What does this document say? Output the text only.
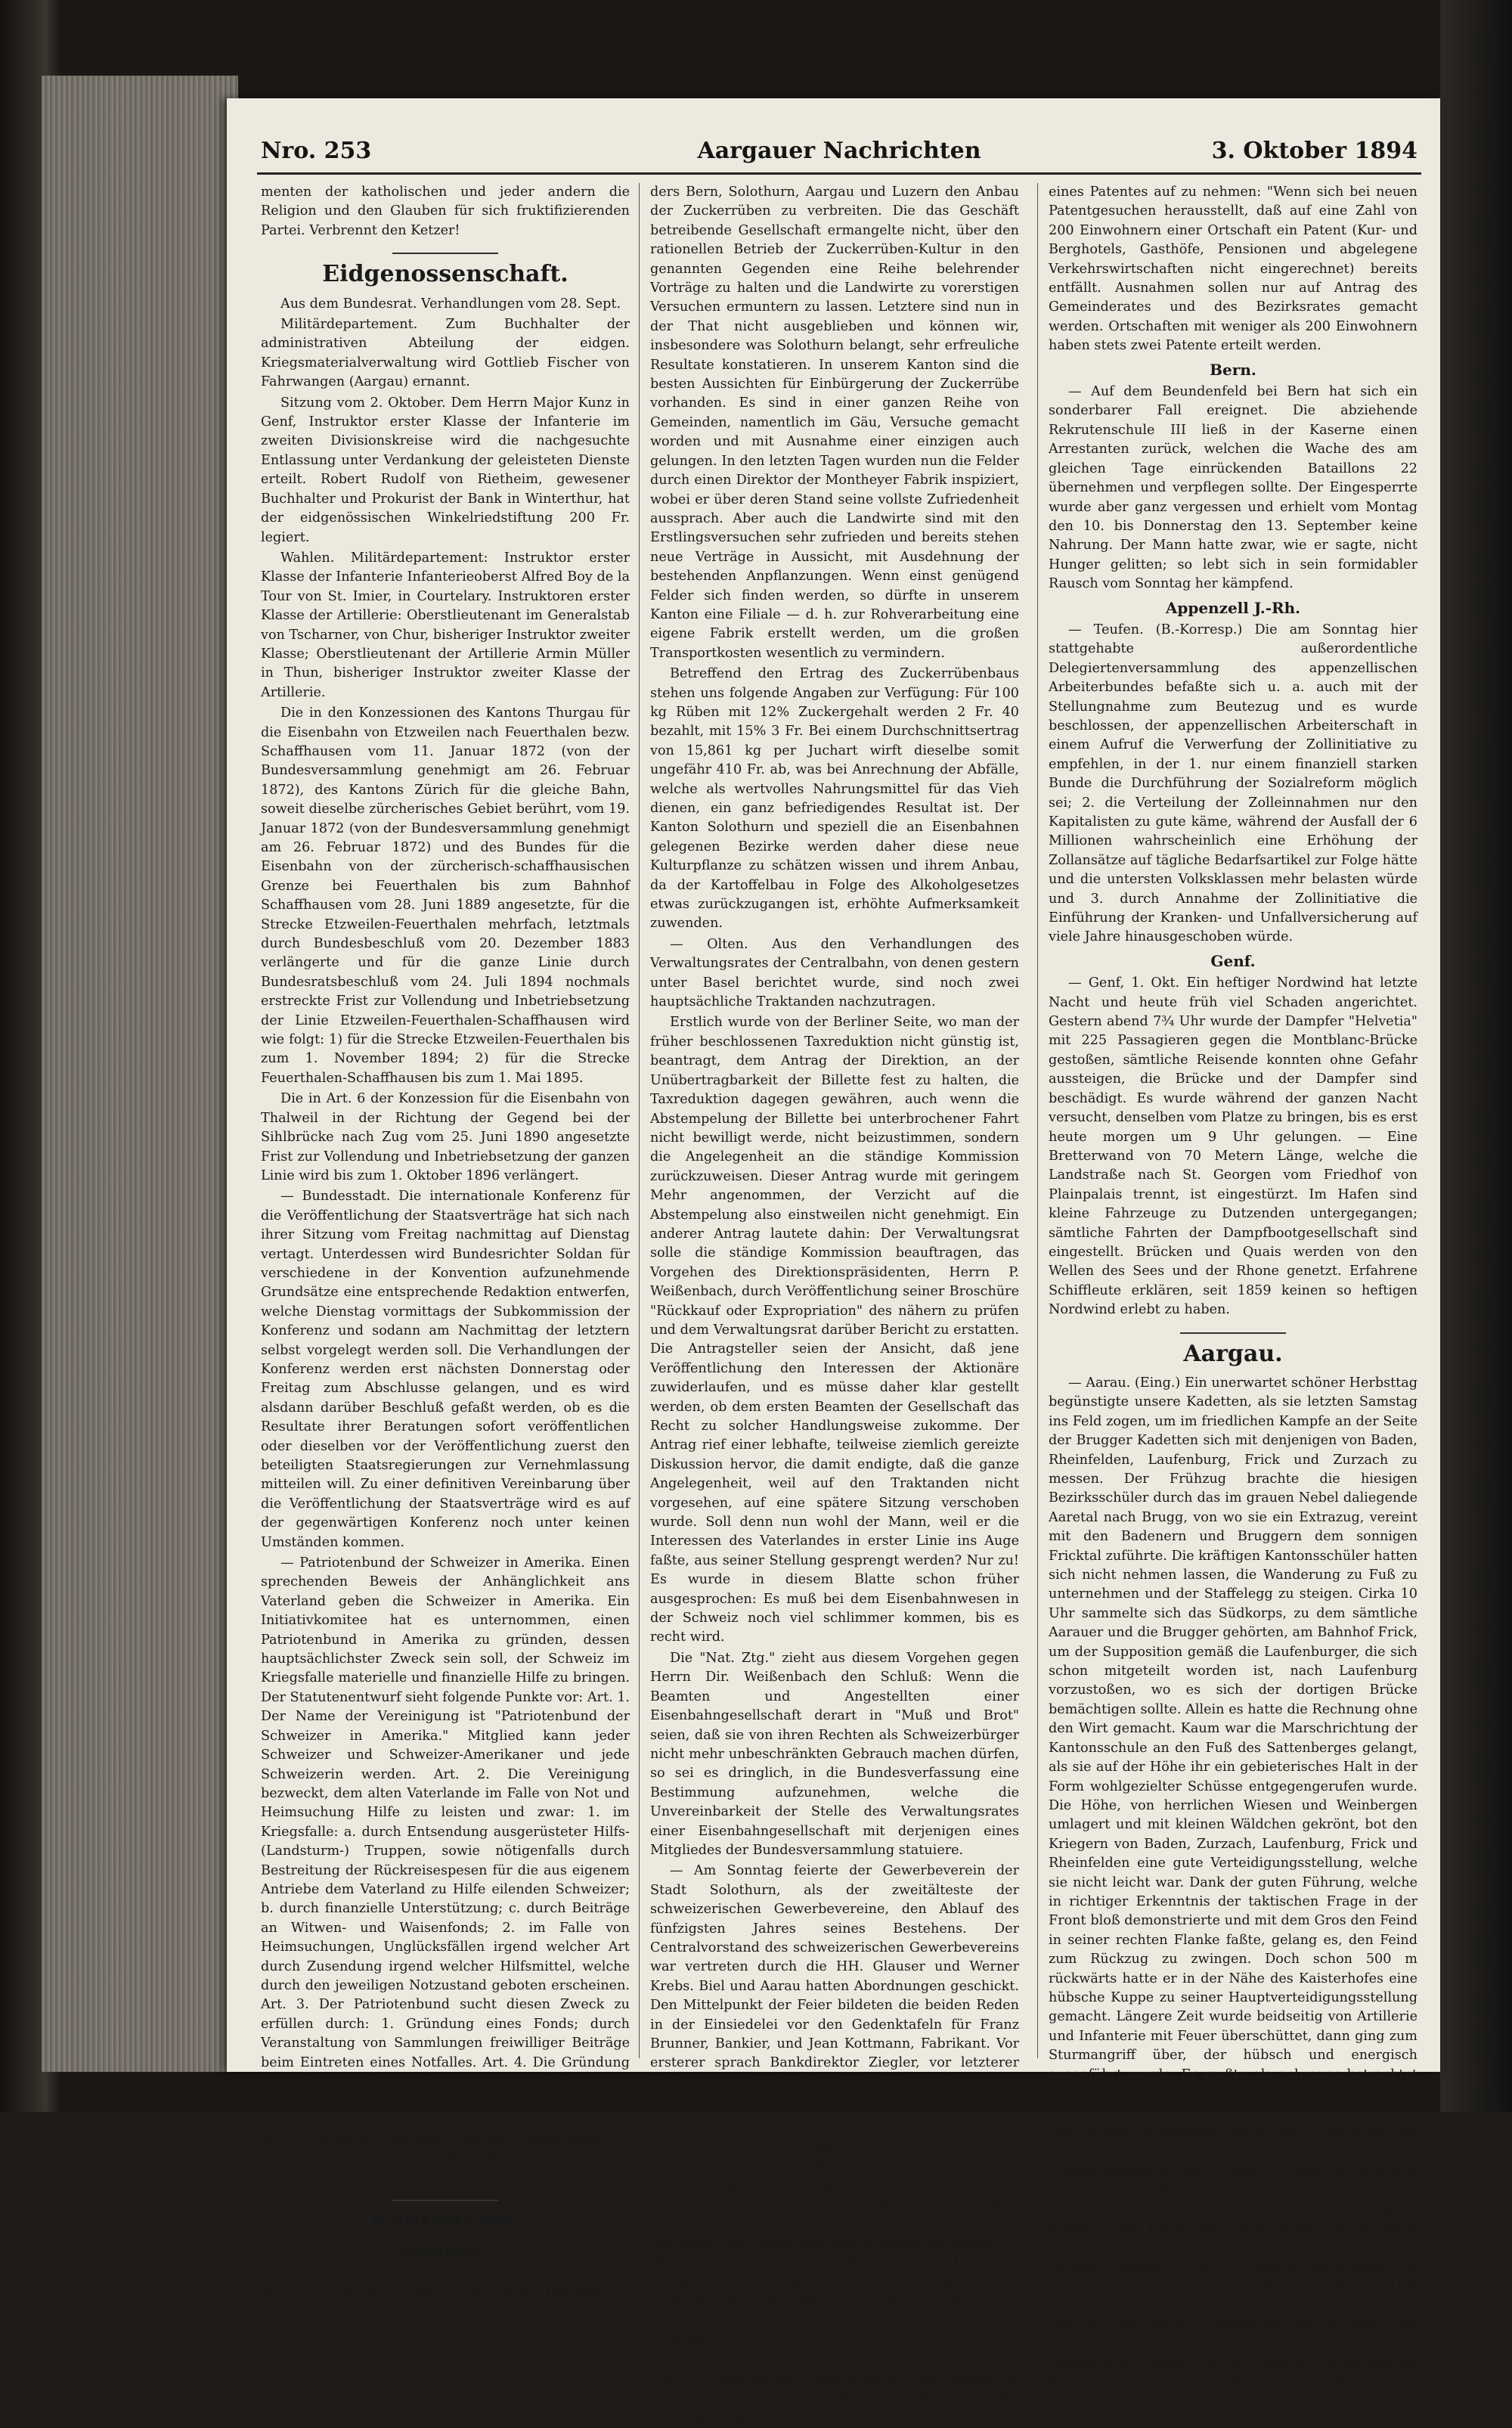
Nro. 253	Aargauer Nachrichten	3. Oktober 1894

menten der katholischen und jeder andern die Religion und den Glauben für sich fruktifizierenden Partei. Verbrennt den Ketzer!

Eidgenossenschaft.

Aus dem Bundesrat. Verhandlungen vom 28. Sept.

Militärdepartement. Zum Buchhalter der administrativen Abteilung der eidgen. Kriegsmaterialverwaltung wird Gottlieb Fischer von Fahrwangen (Aargau) ernannt.

Sitzung vom 2. Oktober. Dem Herrn Major Kunz in Genf, Instruktor erster Klasse der Infanterie im zweiten Divisionskreise wird die nachgesuchte Entlassung unter Verdankung der geleisteten Dienste erteilt. Robert Rudolf von Rietheim, gewesener Buchhalter und Prokurist der Bank in Winterthur, hat der eidgenössischen Winkelriedstiftung 200 Fr. legiert.

Wahlen. Militärdepartement: Instruktor erster Klasse der Infanterie Infanterieoberst Alfred Boy de la Tour von St. Imier, in Courtelary. Instruktoren erster Klasse der Artillerie: Oberstlieutenant im Generalstab von Tscharner, von Chur, bisheriger Instruktor zweiter Klasse; Oberstlieutenant der Artillerie Armin Müller in Thun, bisheriger Instruktor zweiter Klasse der Artillerie.

Die in den Konzessionen des Kantons Thurgau für die Eisenbahn von Etzweilen nach Feuerthalen bezw. Schaffhausen vom 11. Januar 1872 (von der Bundesversammlung genehmigt am 26. Februar 1872), des Kantons Zürich für die gleiche Bahn, soweit dieselbe zürcherisches Gebiet berührt, vom 19. Januar 1872 (von der Bundesversammlung genehmigt am 26. Februar 1872) und des Bundes für die Eisenbahn von der zürcherisch-schaffhausischen Grenze bei Feuerthalen bis zum Bahnhof Schaffhausen vom 28. Juni 1889 angesetzte, für die Strecke Etzweilen-Feuerthalen mehrfach, letztmals durch Bundesbeschluß vom 20. Dezember 1883 verlängerte und für die ganze Linie durch Bundesratsbeschluß vom 24. Juli 1894 nochmals erstreckte Frist zur Vollendung und Inbetriebsetzung der Linie Etzweilen-Feuerthalen-Schaffhausen wird wie folgt: 1) für die Strecke Etzweilen-Feuerthalen bis zum 1. November 1894; 2) für die Strecke Feuerthalen-Schaffhausen bis zum 1. Mai 1895.

Die in Art. 6 der Konzession für die Eisenbahn von Thalweil in der Richtung der Gegend bei der Sihlbrücke nach Zug vom 25. Juni 1890 angesetzte Frist zur Vollendung und Inbetriebsetzung der ganzen Linie wird bis zum 1. Oktober 1896 verlängert.

— Bundesstadt. Die internationale Konferenz für die Veröffentlichung der Staatsverträge hat sich nach ihrer Sitzung vom Freitag nachmittag auf Dienstag vertagt. Unterdessen wird Bundesrichter Soldan für verschiedene in der Konvention aufzunehmende Grundsätze eine entsprechende Redaktion entwerfen, welche Dienstag vormittags der Subkommission der Konferenz und sodann am Nachmittag der letztern selbst vorgelegt werden soll. Die Verhandlungen der Konferenz werden erst nächsten Donnerstag oder Freitag zum Abschlusse gelangen, und es wird alsdann darüber Beschluß gefaßt werden, ob es die Resultate ihrer Beratungen sofort veröffentlichen oder dieselben vor der Veröffentlichung zuerst den beteiligten Staatsregierungen zur Vernehmlassung mitteilen will. Zu einer definitiven Vereinbarung über die Veröffentlichung der Staatsverträge wird es auf der gegenwärtigen Konferenz noch unter keinen Umständen kommen.

— Patriotenbund der Schweizer in Amerika. Einen sprechenden Beweis der Anhänglichkeit ans Vaterland geben die Schweizer in Amerika. Ein Initiativkomitee hat es unternommen, einen Patriotenbund in Amerika zu gründen, dessen hauptsächlichster Zweck sein soll, der Schweiz im Kriegsfalle materielle und finanzielle Hilfe zu bringen. Der Statutenentwurf sieht folgende Punkte vor: Art. 1. Der Name der Vereinigung ist "Patriotenbund der Schweizer in Amerika." Mitglied kann jeder Schweizer und Schweizer-Amerikaner und jede Schweizerin werden. Art. 2. Die Vereinigung bezweckt, dem alten Vaterlande im Falle von Not und Heimsuchung Hilfe zu leisten und zwar: 1. im Kriegsfalle: a. durch Entsendung ausgerüsteter Hilfs- (Landsturm-) Truppen, sowie nötigenfalls durch Bestreitung der Rückreisespesen für die aus eigenem Antriebe dem Vaterland zu Hilfe eilenden Schweizer; b. durch finanzielle Unterstützung; c. durch Beiträge an Witwen- und Waisenfonds; 2. im Falle von Heimsuchungen, Unglücksfällen irgend welcher Art durch Zusendung irgend welcher Hilfsmittel, welche durch den jeweiligen Notzustand geboten erscheinen. Art. 3. Der Patriotenbund sucht diesen Zweck zu erfüllen durch: 1. Gründung eines Fonds; durch Veranstaltung von Sammlungen freiwilliger Beiträge beim Eintreten eines Notfalles. Art. 4. Die Gründung eines Fonds soll erreicht werden durch: 1. Erhebung einer Eintrittsgebühr von 50 Cents und eines jährlichen Beitrages von 25 Cents per Mitglied; 2. durch freiwillige Beiträge, eventuell Sammlungen; 3. durch irgend welche andere Mittel, welche dem Unternehmen förderlich sein könnten.

Kantonales.
Solothurn.

— (B.-Korr.) Schweiz. Zuckerrübenbau. Seit letztem Frühling ist die Zuckerfabrik "Helvetia" in Monthey eifrig bemüht, in mehreren Kantonen, beson-

ders Bern, Solothurn, Aargau und Luzern den Anbau der Zuckerrüben zu verbreiten. Die das Geschäft betreibende Gesellschaft ermangelte nicht, über den rationellen Betrieb der Zuckerrüben-Kultur in den genannten Gegenden eine Reihe belehrender Vorträge zu halten und die Landwirte zu vorerstigen Versuchen ermuntern zu lassen. Letztere sind nun in der That nicht ausgeblieben und können wir, insbesondere was Solothurn belangt, sehr erfreuliche Resultate konstatieren. In unserem Kanton sind die besten Aussichten für Einbürgerung der Zuckerrübe vorhanden. Es sind in einer ganzen Reihe von Gemeinden, namentlich im Gäu, Versuche gemacht worden und mit Ausnahme einer einzigen auch gelungen. In den letzten Tagen wurden nun die Felder durch einen Direktor der Montheyer Fabrik inspiziert, wobei er über deren Stand seine vollste Zufriedenheit aussprach. Aber auch die Landwirte sind mit den Erstlingsversuchen sehr zufrieden und bereits stehen neue Verträge in Aussicht, mit Ausdehnung der bestehenden Anpflanzungen. Wenn einst genügend Felder sich finden werden, so dürfte in unserem Kanton eine Filiale — d. h. zur Rohverarbeitung eine eigene Fabrik erstellt werden, um die großen Transportkosten wesentlich zu vermindern.

Betreffend den Ertrag des Zuckerrübenbaus stehen uns folgende Angaben zur Verfügung: Für 100 kg Rüben mit 12% Zuckergehalt werden 2 Fr. 40 bezahlt, mit 15% 3 Fr. Bei einem Durchschnittsertrag von 15,861 kg per Juchart wirft dieselbe somit ungefähr 410 Fr. ab, was bei Anrechnung der Abfälle, welche als wertvolles Nahrungsmittel für das Vieh dienen, ein ganz befriedigendes Resultat ist. Der Kanton Solothurn und speziell die an Eisenbahnen gelegenen Bezirke werden daher diese neue Kulturpflanze zu schätzen wissen und ihrem Anbau, da der Kartoffelbau in Folge des Alkoholgesetzes etwas zurückzugangen ist, erhöhte Aufmerksamkeit zuwenden.

— Olten. Aus den Verhandlungen des Verwaltungsrates der Centralbahn, von denen gestern unter Basel berichtet wurde, sind noch zwei hauptsächliche Traktanden nachzutragen.

Erstlich wurde von der Berliner Seite, wo man der früher beschlossenen Taxreduktion nicht günstig ist, beantragt, dem Antrag der Direktion, an der Unübertragbarkeit der Billette fest zu halten, die Taxreduktion dagegen gewähren, auch wenn die Abstempelung der Billette bei unterbrochener Fahrt nicht bewilligt werde, nicht beizustimmen, sondern die Angelegenheit an die ständige Kommission zurückzuweisen. Dieser Antrag wurde mit geringem Mehr angenommen, der Verzicht auf die Abstempelung also einstweilen nicht genehmigt. Ein anderer Antrag lautete dahin: Der Verwaltungsrat solle die ständige Kommission beauftragen, das Vorgehen des Direktionspräsidenten, Herrn P. Weißenbach, durch Veröffentlichung seiner Broschüre "Rückkauf oder Expropriation" des nähern zu prüfen und dem Verwaltungsrat darüber Bericht zu erstatten. Die Antragsteller seien der Ansicht, daß jene Veröffentlichung den Interessen der Aktionäre zuwiderlaufen, und es müsse daher klar gestellt werden, ob dem ersten Beamten der Gesellschaft das Recht zu solcher Handlungsweise zukomme. Der Antrag rief einer lebhafte, teilweise ziemlich gereizte Diskussion hervor, die damit endigte, daß die ganze Angelegenheit, weil auf den Traktanden nicht vorgesehen, auf eine spätere Sitzung verschoben wurde. Soll denn nun wohl der Mann, weil er die Interessen des Vaterlandes in erster Linie ins Auge faßte, aus seiner Stellung gesprengt werden? Nur zu! Es wurde in diesem Blatte schon früher ausgesprochen: Es muß bei dem Eisenbahnwesen in der Schweiz noch viel schlimmer kommen, bis es recht wird.

Die "Nat. Ztg." zieht aus diesem Vorgehen gegen Herrn Dir. Weißenbach den Schluß: Wenn die Beamten und Angestellten einer Eisenbahngesellschaft derart in "Muß und Brot" seien, daß sie von ihren Rechten als Schweizerbürger nicht mehr unbeschränkten Gebrauch machen dürfen, so sei es dringlich, in die Bundesverfassung eine Bestimmung aufzunehmen, welche die Unvereinbarkeit der Stelle des Verwaltungsrates einer Eisenbahngesellschaft mit derjenigen eines Mitgliedes der Bundesversammlung statuiere.

— Am Sonntag feierte der Gewerbeverein der Stadt Solothurn, als der zweitälteste der schweizerischen Gewerbevereine, den Ablauf des fünfzigsten Jahres seines Bestehens. Der Centralvorstand des schweizerischen Gewerbevereins war vertreten durch die HH. Glauser und Werner Krebs. Biel und Aarau hatten Abordnungen geschickt. Den Mittelpunkt der Feier bildeten die beiden Reden in der Einsiedelei vor den Gedenktafeln für Franz Brunner, Bankier, und Jean Kottmann, Fabrikant. Vor ersterer sprach Bankdirektor Ziegler, vor letzterer Stadtammann W. Vigier. Die Feier nahm einen programmgemäßen Verlauf und befriedigte die Teilnehmer in hohem Maße.

Zürich.

— Hr. Architekt Ernst in Zürich hat ein Markthallenprojekt ausgearbeitet, das für die Markfrauen auf der Rathausbrücke zu dienen hätte. Die Markthalle käme in der Petersstraße zwischen der Bank von Zürich und den Strohhof zu liegen. Es ist ein Hallenbau von 40 Meter Länge, 15 Meter Breite und 5 Meter Höhe vorgesehen; die Außenwände hätten Reklamezwecken zu dienen und auf dem flachen Dach würde eine Gartenanlage errichtet.

— Der Vorstand des Wirtevereins des Kantons Zürich richtet an den Regierungsrat eine Eingabe, in welcher es des Wirtschaftsgesetz als Grund der Verweigerung

eines Patentes auf zu nehmen: "Wenn sich bei neuen Patentgesuchen herausstellt, daß auf eine Zahl von 200 Einwohnern einer Ortschaft ein Patent (Kur- und Berghotels, Gasthöfe, Pensionen und abgelegene Verkehrswirtschaften nicht eingerechnet) bereits entfällt. Ausnahmen sollen nur auf Antrag des Gemeinderates und des Bezirksrates gemacht werden. Ortschaften mit weniger als 200 Einwohnern haben stets zwei Patente erteilt werden.

Bern.

— Auf dem Beundenfeld bei Bern hat sich ein sonderbarer Fall ereignet. Die abziehende Rekrutenschule III ließ in der Kaserne einen Arrestanten zurück, welchen die Wache des am gleichen Tage einrückenden Bataillons 22 übernehmen und verpflegen sollte. Der Eingesperrte wurde aber ganz vergessen und erhielt vom Montag den 10. bis Donnerstag den 13. September keine Nahrung. Der Mann hatte zwar, wie er sagte, nicht Hunger gelitten; so lebt sich in sein formidabler Rausch vom Sonntag her kämpfend.

Appenzell J.-Rh.

— Teufen. (B.-Korresp.) Die am Sonntag hier stattgehabte außerordentliche Delegiertenversammlung des appenzellischen Arbeiterbundes befaßte sich u. a. auch mit der Stellungnahme zum Beutezug und es wurde beschlossen, der appenzellischen Arbeiterschaft in einem Aufruf die Verwerfung der Zollinitiative zu empfehlen, in der 1. nur einem finanziell starken Bunde die Durchführung der Sozialreform möglich sei; 2. die Verteilung der Zolleinnahmen nur den Kapitalisten zu gute käme, während der Ausfall der 6 Millionen wahrscheinlich eine Erhöhung der Zollansätze auf tägliche Bedarfsartikel zur Folge hätte und die untersten Volksklassen mehr belasten würde und 3. durch Annahme der Zollinitiative die Einführung der Kranken- und Unfallversicherung auf viele Jahre hinausgeschoben würde.

Genf.

— Genf, 1. Okt. Ein heftiger Nordwind hat letzte Nacht und heute früh viel Schaden angerichtet. Gestern abend 7¾ Uhr wurde der Dampfer "Helvetia" mit 225 Passagieren gegen die Montblanc-Brücke gestoßen, sämtliche Reisende konnten ohne Gefahr aussteigen, die Brücke und der Dampfer sind beschädigt. Es wurde während der ganzen Nacht versucht, denselben vom Platze zu bringen, bis es erst heute morgen um 9 Uhr gelungen. — Eine Bretterwand von 70 Metern Länge, welche die Landstraße nach St. Georgen vom Friedhof von Plainpalais trennt, ist eingestürzt. Im Hafen sind kleine Fahrzeuge zu Dutzenden untergegangen; sämtliche Fahrten der Dampfbootgesellschaft sind eingestellt. Brücken und Quais werden von den Wellen des Sees und der Rhone genetzt. Erfahrene Schiffleute erklären, seit 1859 keinen so heftigen Nordwind erlebt zu haben.

Aargau.

— Aarau. (Eing.) Ein unerwartet schöner Herbsttag begünstigte unsere Kadetten, als sie letzten Samstag ins Feld zogen, um im friedlichen Kampfe an der Seite der Brugger Kadetten sich mit denjenigen von Baden, Rheinfelden, Laufenburg, Frick und Zurzach zu messen. Der Frühzug brachte die hiesigen Bezirksschüler durch das im grauen Nebel daliegende Aaretal nach Brugg, von wo sie ein Extrazug, vereint mit den Badenern und Bruggern dem sonnigen Fricktal zuführte. Die kräftigen Kantonsschüler hatten sich nicht nehmen lassen, die Wanderung zu Fuß zu unternehmen und der Staffelegg zu steigen. Cirka 10 Uhr sammelte sich das Südkorps, zu dem sämtliche Aarauer und die Brugger gehörten, am Bahnhof Frick, um der Supposition gemäß die Laufenburger, die sich schon mitgeteilt worden ist, nach Laufenburg vorzustoßen, wo es sich der dortigen Brücke bemächtigen sollte. Allein es hatte die Rechnung ohne den Wirt gemacht. Kaum war die Marschrichtung der Kantonsschule an den Fuß des Sattenberges gelangt, als sie auf der Höhe ihr ein gebieterisches Halt in der Form wohlgezielter Schüsse entgegengerufen wurde. Die Höhe, von herrlichen Wiesen und Weinbergen umlagert und mit kleinen Wäldchen gekrönt, bot den Kriegern von Baden, Zurzach, Laufenburg, Frick und Rheinfelden eine gute Verteidigungsstellung, welche sie nicht leicht war. Dank der guten Führung, welche in richtiger Erkenntnis der taktischen Frage in der Front bloß demonstrierte und mit dem Gros den Feind in seiner rechten Flanke faßte, gelang es, den Feind zum Rückzug zu zwingen. Doch schon 500 m rückwärts hatte er in der Nähe des Kaisterhofes eine hübsche Kuppe zu seiner Hauptverteidigungsstellung gemacht. Längere Zeit wurde beidseitig von Artillerie und Infanterie mit Feuer überschüttet, dann ging zum Sturmangriff über, der hübsch und energisch ausgeführt wurde. Er mußte als gelungen betrachtet werden, da die feindlichen Reserven etwas zu spät in die Feuerlinie einrückten. C'était un beau spectacle! Den letzten Widerstand setzte der Verteidiger auf dem Höhenzuge südlich Kaisten den vorbringenden Gegner entgegen. Welche fatale Folgen das zu kühne Vorprallen einzelner Abteilungen nach sich ziehen kann, das sollten auch diesmal unsere lieben Brugger erfahren. Ihr Korps wäre beim Sturm auf die stark besetzte Stellung des Gegners vernichtet worden. Die Aarauer, beseelt, ihren Freunden in der großen Not beizuspringen, stürmten ein tiefeingeschnittenes Thal und steile Hänge passieren. So kam beiden Hülfe zu spät und nur wenig so hätten mit den Bruggern das gleiche Schicksal geteilt, da, nachdem diese "abgemurkst" waren, von der Feind mit seiner ganzen Macht aus vorteilhafter Stellung auf die Aarauer wandte. Der Zapfenstreich machte
